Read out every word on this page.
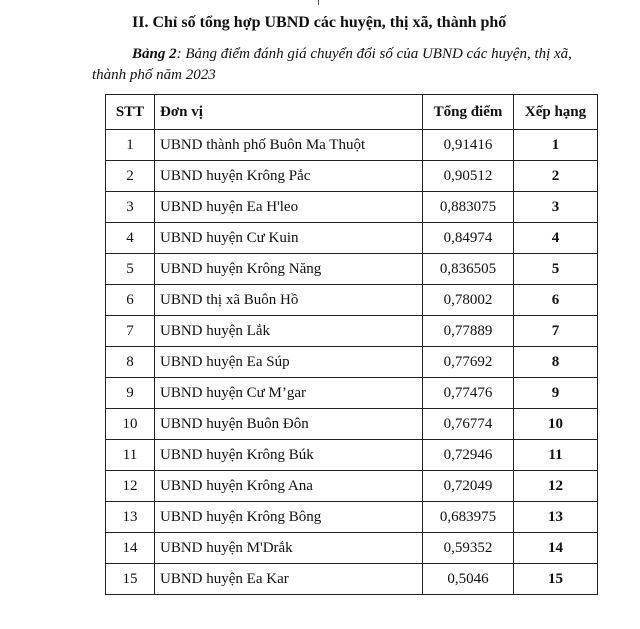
II. Chỉ số tổng hợp UBND các huyện, thị xã, thành phố
Bảng 2: Bảng điểm đánh giá chuyển đổi số của UBND các huyện, thị xã, thành phố năm 2023
STT	Đơn vị	Tổng điểm	Xếp hạng
1	UBND thành phố Buôn Ma Thuột	0,91416	1
2	UBND huyện Krông Pắc	0,90512	2
3	UBND huyện Ea H'leo	0,883075	3
4	UBND huyện Cư Kuin	0,84974	4
5	UBND huyện Krông Năng	0,836505	5
6	UBND thị xã Buôn Hồ	0,78002	6
7	UBND huyện Lắk	0,77889	7
8	UBND huyện Ea Súp	0,77692	8
9	UBND huyện Cư M’gar	0,77476	9
10	UBND huyện Buôn Đôn	0,76774	10
11	UBND huyện Krông Búk	0,72946	11
12	UBND huyện Krông Ana	0,72049	12
13	UBND huyện Krông Bông	0,683975	13
14	UBND huyện M'Drắk	0,59352	14
15	UBND huyện Ea Kar	0,5046	15
